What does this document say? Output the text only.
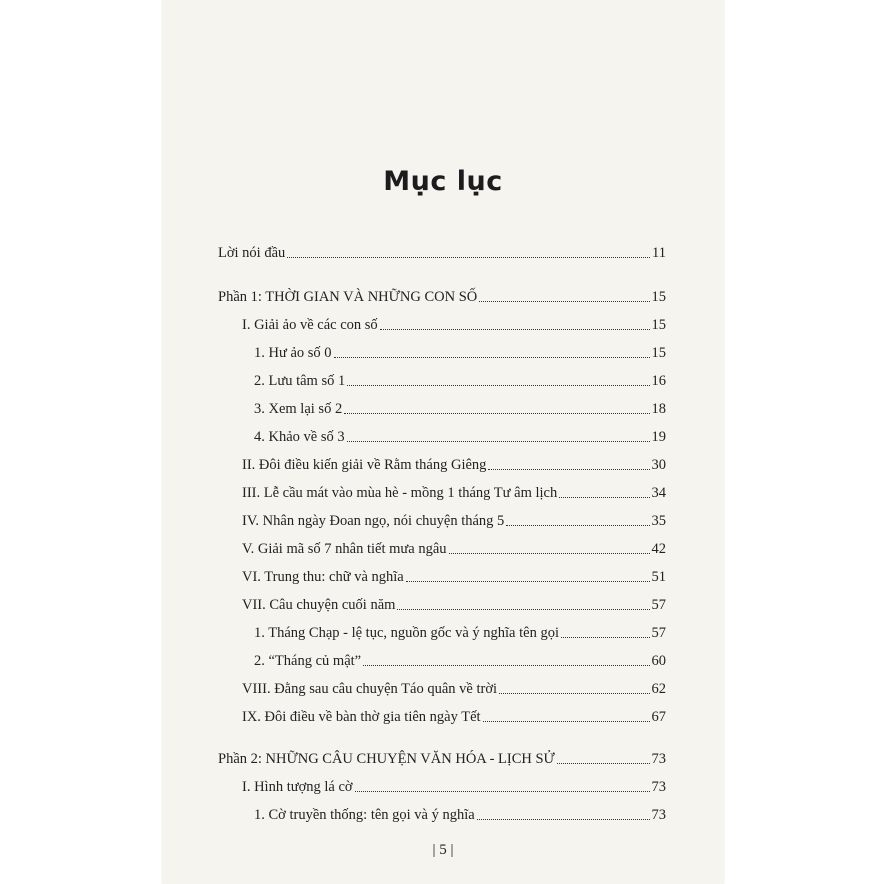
Mục lục
Lời nói đầu	11
Phần 1: THỜI GIAN VÀ NHỮNG CON SỐ	15
I. Giải ảo về các con số	15
1. Hư ảo số 0	15
2. Lưu tâm số 1	16
3. Xem lại số 2	18
4. Khảo về số 3	19
II. Đôi điều kiến giải về Rằm tháng Giêng	30
III. Lễ cầu mát vào mùa hè - mồng 1 tháng Tư âm lịch	34
IV. Nhân ngày Đoan ngọ, nói chuyện tháng 5	35
V. Giải mã số 7 nhân tiết mưa ngâu	42
VI. Trung thu: chữ và nghĩa	51
VII. Câu chuyện cuối năm	57
1. Tháng Chạp - lệ tục, nguồn gốc và ý nghĩa tên gọi	57
2. “Tháng củ mật”	60
VIII. Đằng sau câu chuyện Táo quân về trời	62
IX. Đôi điều về bàn thờ gia tiên ngày Tết	67
Phần 2: NHỮNG CÂU CHUYỆN VĂN HÓA - LỊCH SỬ	73
I. Hình tượng lá cờ	73
1. Cờ truyền thống: tên gọi và ý nghĩa	73
| 5 |
